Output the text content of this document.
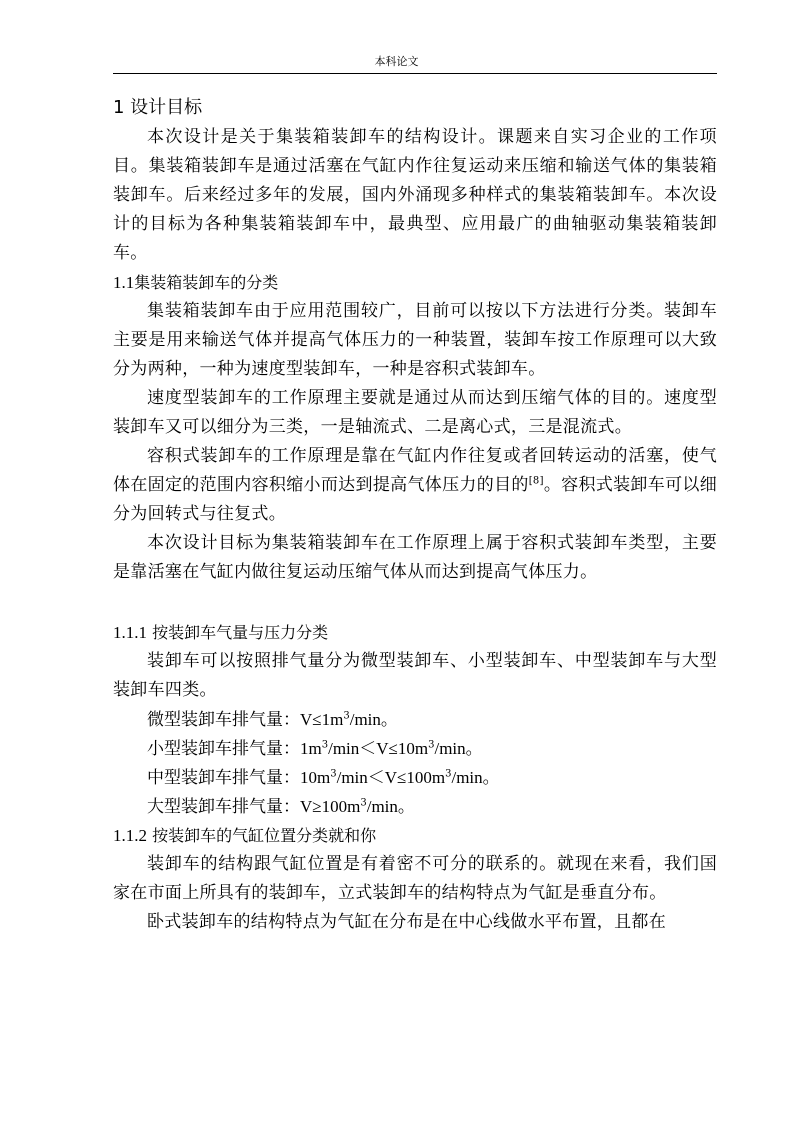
本科论文
1 设计目标

本次设计是关于集装箱装卸车的结构设计。课题来自实习企业的工作项目。集装箱装卸车是通过活塞在气缸内作往复运动来压缩和输送气体的集装箱装卸车。后来经过多年的发展，国内外涌现多种样式的集装箱装卸车。本次设计的目标为各种集装箱装卸车中，最典型、应用最广的曲轴驱动集装箱装卸车。

1.1集装箱装卸车的分类

集装箱装卸车由于应用范围较广，目前可以按以下方法进行分类。装卸车主要是用来输送气体并提高气体压力的一种装置，装卸车按工作原理可以大致分为两种，一种为速度型装卸车，一种是容积式装卸车。

速度型装卸车的工作原理主要就是通过从而达到压缩气体的目的。速度型装卸车又可以细分为三类，一是轴流式、二是离心式，三是混流式。

容积式装卸车的工作原理是靠在气缸内作往复或者回转运动的活塞，使气体在固定的范围内容积缩小而达到提高气体压力的目的[8]。容积式装卸车可以细分为回转式与往复式。

本次设计目标为集装箱装卸车在工作原理上属于容积式装卸车类型，主要是靠活塞在气缸内做往复运动压缩气体从而达到提高气体压力。

1.1.1 按装卸车气量与压力分类

装卸车可以按照排气量分为微型装卸车、小型装卸车、中型装卸车与大型装卸车四类。

微型装卸车排气量：$V\le 1m^3/\min$。
小型装卸车排气量：$1m^3/\min<V\le 10m^3/\min$。
中型装卸车排气量：$10m^3/\min<V\le 100m^3/\min$。
大型装卸车排气量：$V\ge 100m^3/\min$。
1.1.2 按装卸车的气缸位置分类就和你

装卸车的结构跟气缸位置是有着密不可分的联系的。就现在来看，我们国家在市面上所具有的装卸车，立式装卸车的结构特点为气缸是垂直分布。

卧式装卸车的结构特点为气缸在分布是在中心线做水平布置，且都在
